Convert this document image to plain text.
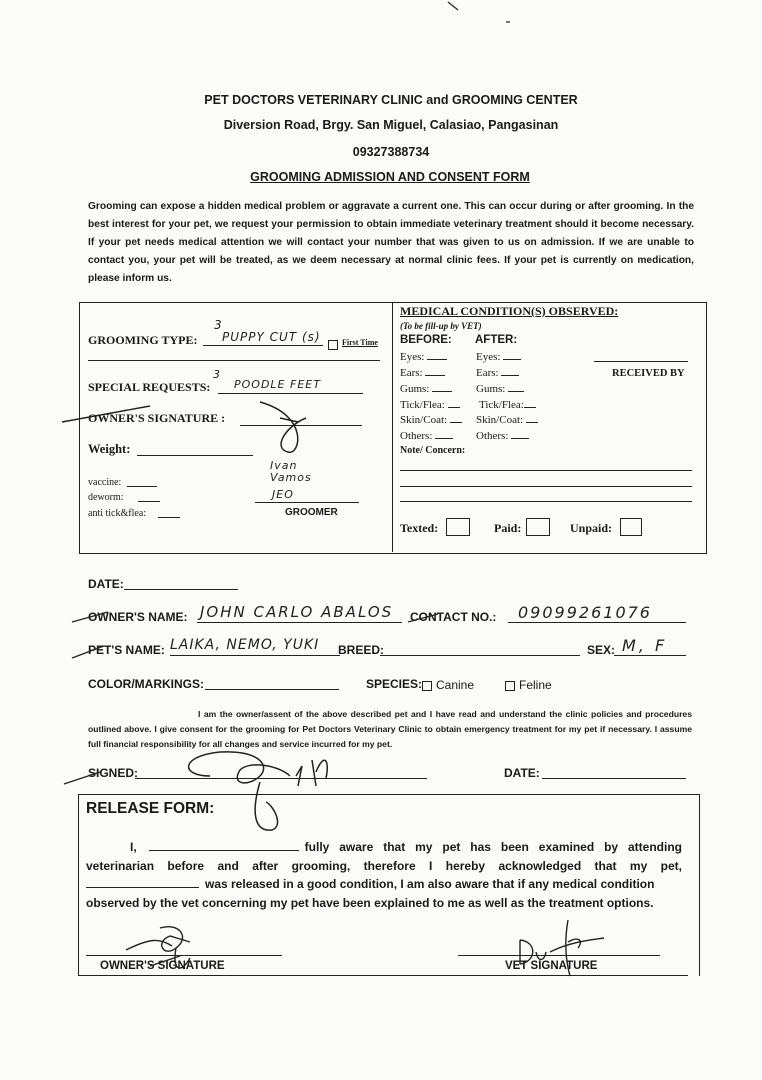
PET DOCTORS VETERINARY CLINIC and GROOMING CENTER
Diversion Road, Brgy. San Miguel, Calasiao, Pangasinan
09327388734
GROOMING ADMISSION AND CONSENT FORM
Grooming can expose a hidden medical problem or aggravate a current one. This can occur during or after grooming. In the best interest for your pet, we request your permission to obtain immediate veterinary treatment should it become necessary. If your pet needs medical attention we will contact your number that was given to us on admission. If we are unable to contact you, your pet will be treated, as we deem necessary at normal clinic fees. If your pet is currently on medication, please inform us.
GROOMING TYPE:
3
PUPPY CUT (s)	First Time
SPECIAL REQUESTS:
3
POODLE FEET
OWNER'S SIGNATURE :
Weight:
vaccine:
deworm:
anti tick&flea:
Ivan Vamos
JEO
GROOMER
MEDICAL CONDITION(S) OBSERVED:
(To be fill-up by VET)
BEFORE: AFTER:
Eyes:	Eyes:
Ears:	Ears:
Gums:	Gums:
Tick/Flea:	Tick/Flea:
Skin/Coat:	Skin/Coat:
Others:	Others:
RECEIVED BY
Note/ Concern:
Texted:	Paid:	Unpaid:
DATE:
OWNER'S NAME: JOHN CARLO ABALOS CONTACT NO.: 09099261076
PET'S NAME: LAIKA, NEMO, YUKI BREED:	SEX: M, F
COLOR/MARKINGS:	SPECIES:	Canine	Feline
I am the owner/assent of the above described pet and I have read and understand the clinic policies and procedures outlined above. I give consent for the grooming for Pet Doctors Veterinary Clinic to obtain emergency treatment for my pet if necessary. I assume full financial responsibility for all changes and service incurred for my pet.
SIGNED:	DATE:
RELEASE FORM:
I,	fully aware that my pet has been examined by attending
veterinarian before and after grooming, therefore I hereby acknowledged that my pet,
was released in a good condition, I am also aware that if any medical condition
observed by the vet concerning my pet have been explained to me as well as the treatment options.
OWNER'S SIGNATURE	VET SIGNATURE
